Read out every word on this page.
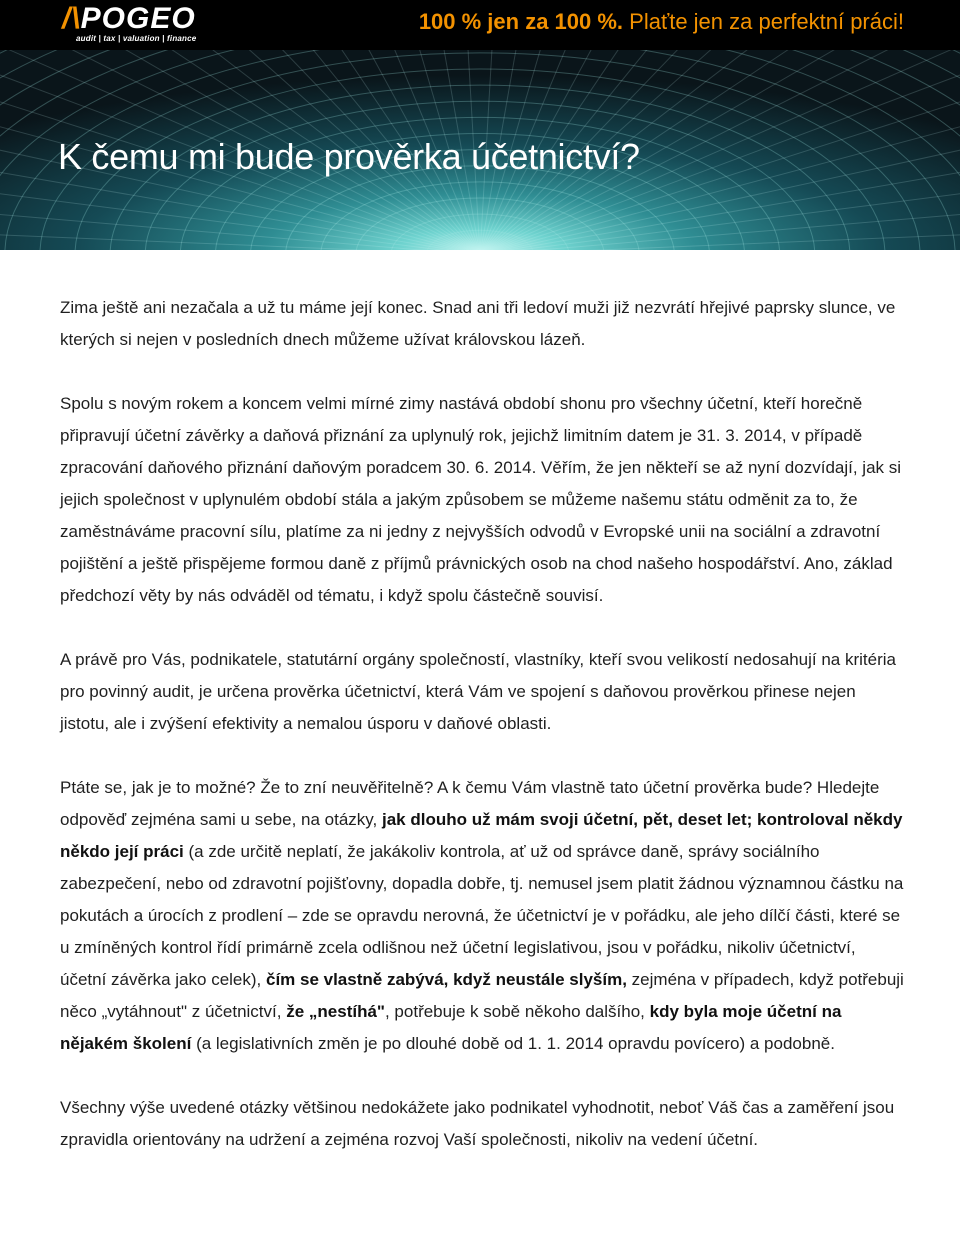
/\POGEO
audit | tax | valuation | finance
100 % jen za 100 %. Plaťte jen za perfektní práci!
K čemu mi bude prověrka účetnictví?

Zima ještě ani nezačala a už tu máme její konec. Snad ani tři ledoví muži již nezvrátí hřejivé paprsky slunce, ve kterých si nejen v posledních dnech můžeme užívat královskou lázeň.

Spolu s novým rokem a koncem velmi mírné zimy nastává období shonu pro všechny účetní, kteří horečně připravují účetní závěrky a daňová přiznání za uplynulý rok, jejichž limitním datem je 31. 3. 2014, v případě zpracování daňového přiznání daňovým poradcem 30. 6. 2014. Věřím, že jen někteří se až nyní dozvídají, jak si jejich společnost v uplynulém období stála a jakým způsobem se můžeme našemu státu odměnit za to, že zaměstnáváme pracovní sílu, platíme za ni jedny z nejvyšších odvodů v Evropské unii na sociální a zdravotní pojištění a ještě přispějeme formou daně z příjmů právnických osob na chod našeho hospodářství. Ano, základ předchozí věty by nás odváděl od tématu, i když spolu částečně souvisí.

A právě pro Vás, podnikatele, statutární orgány společností, vlastníky, kteří svou velikostí nedosahují na kritéria pro povinný audit, je určena prověrka účetnictví, která Vám ve spojení s daňovou prověrkou přinese nejen jistotu, ale i zvýšení efektivity a nemalou úsporu v daňové oblasti.

Ptáte se, jak je to možné? Že to zní neuvěřitelně? A k čemu Vám vlastně tato účetní prověrka bude? Hledejte odpověď zejména sami u sebe, na otázky, jak dlouho už mám svoji účetní, pět, deset let; kontroloval někdy někdo její práci (a zde určitě neplatí, že jakákoliv kontrola, ať už od správce daně, správy sociálního zabezpečení, nebo od zdravotní pojišťovny, dopadla dobře, tj. nemusel jsem platit žádnou významnou částku na pokutách a úrocích z prodlení – zde se opravdu nerovná, že účetnictví je v pořádku, ale jeho dílčí části, které se u zmíněných kontrol řídí primárně zcela odlišnou než účetní legislativou, jsou v pořádku, nikoliv účetnictví, účetní závěrka jako celek), čím se vlastně zabývá, když neustále slyším, zejména v případech, když potřebuji něco „vytáhnout" z účetnictví, že „nestíhá", potřebuje k sobě někoho dalšího, kdy byla moje účetní na nějakém školení (a legislativních změn je po dlouhé době od 1. 1. 2014 opravdu povícero) a podobně.

Všechny výše uvedené otázky většinou nedokážete jako podnikatel vyhodnotit, neboť Váš čas a zaměření jsou zpravidla orientovány na udržení a zejména rozvoj Vaší společnosti, nikoliv na vedení účetní.
